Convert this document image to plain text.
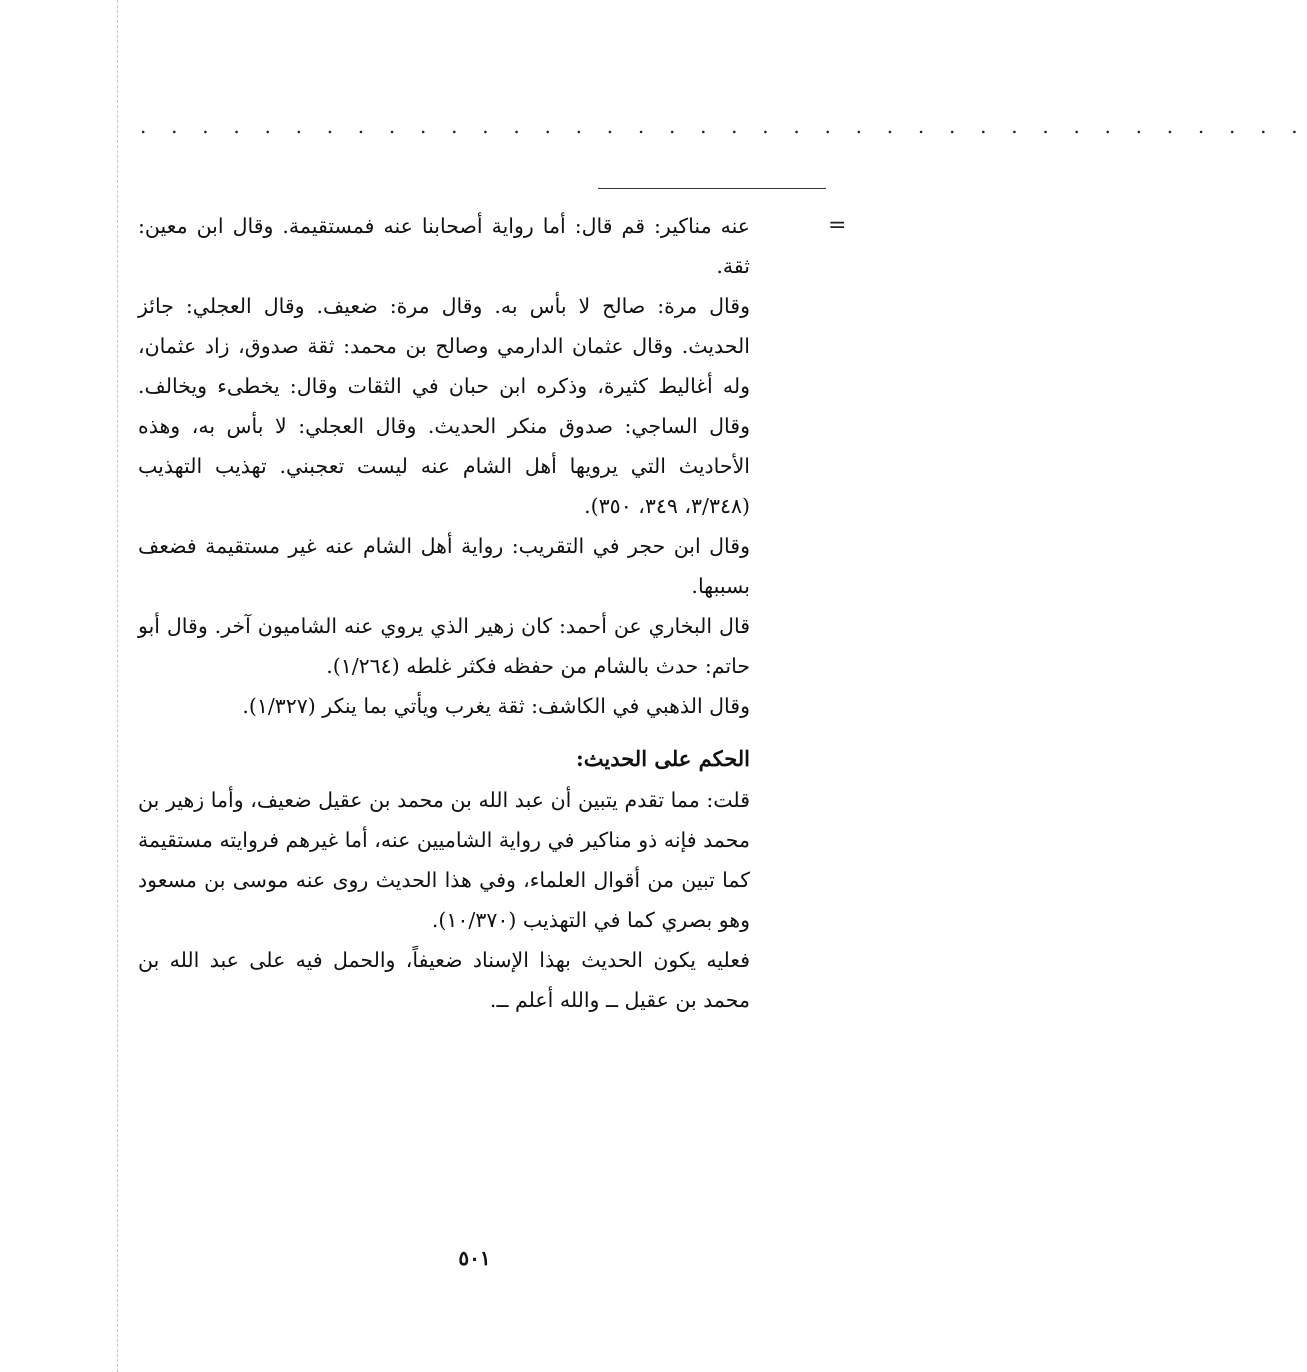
. . . . . . . . . . . . . . . . . . . . . . . . . . . . . . . . . . . . . .
=

عنه مناكير: قم قال: أما رواية أصحابنا عنه فمستقيمة. وقال ابن معين: ثقة.

وقال مرة: صالح لا بأس به. وقال مرة: ضعيف. وقال العجلي: جائز الحديث. وقال عثمان الدارمي وصالح بن محمد: ثقة صدوق، زاد عثمان، وله أغاليط كثيرة، وذكره ابن حبان في الثقات وقال: يخطىء ويخالف. وقال الساجي: صدوق منكر الحديث. وقال العجلي: لا بأس به، وهذه الأحاديث التي يرويها أهل الشام عنه ليست تعجبني. تهذيب التهذيب (٣/٣٤٨، ٣٤٩، ٣٥٠).

وقال ابن حجر في التقريب: رواية أهل الشام عنه غير مستقيمة فضعف بسببها.

قال البخاري عن أحمد: كان زهير الذي يروي عنه الشاميون آخر. وقال أبو حاتم: حدث بالشام من حفظه فكثر غلطه (١/٢٦٤).

وقال الذهبي في الكاشف: ثقة يغرب ويأتي بما ينكر (١/٣٢٧).

الحكم على الحديث:

قلت: مما تقدم يتبين أن عبد الله بن محمد بن عقيل ضعيف، وأما زهير بن محمد فإنه ذو مناكير في رواية الشاميين عنه، أما غيرهم فروايته مستقيمة كما تبين من أقوال العلماء، وفي هذا الحديث روى عنه موسى بن مسعود وهو بصري كما في التهذيب (١٠/٣٧٠).

فعليه يكون الحديث بهذا الإسناد ضعيفاً، والحمل فيه على عبد الله بن محمد بن عقيل ــ والله أعلم ــ.

٥٠١
